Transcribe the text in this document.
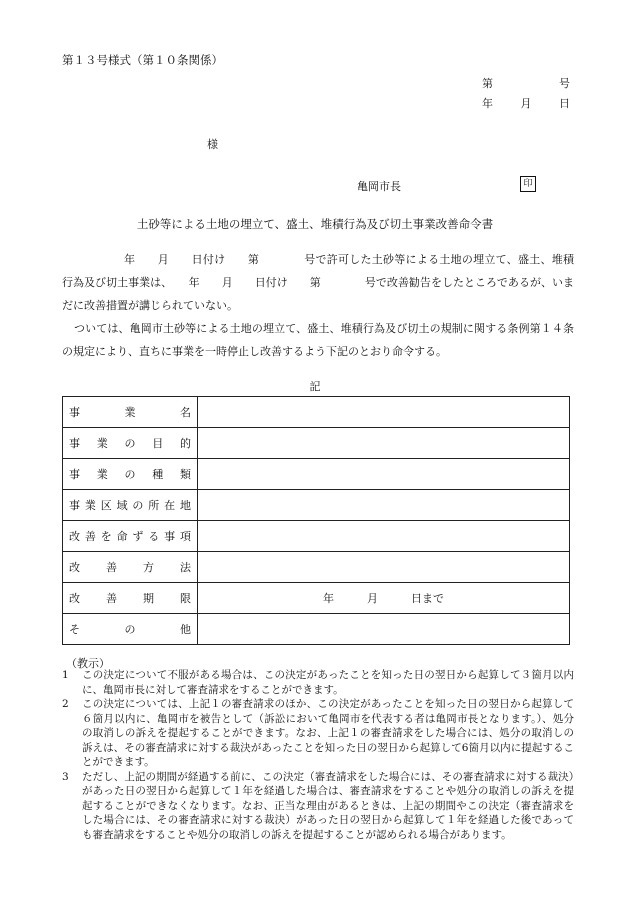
第１３号様式（第１０条関係）
第	号
年	月	日
様
亀岡市長	印
土砂等による土地の埋立て、盛土、堆積行為及び切土事業改善命令書
年　　月　　日付け　　第　　　　号で許可した土砂等による土地の埋立て、盛土、堆積行為及び切土事業は、　　年　　月　　日付け　　第　　　　号で改善勧告をしたところであるが、いまだに改善措置が講じられていない。
ついては、亀岡市土砂等による土地の埋立て、盛土、堆積行為及び切土の規制に関する条例第１４条の規定により、直ちに事業を一時停止し改善するよう下記のとおり命令する。
記
事業名	

事業の目的	

事業の種類	

事業区域の所在地	

改善を命ずる事項	

改善方法	

改善期限	年　　　月　　　日まで

その他	

（教示）
1	この決定について不服がある場合は、この決定があったことを知った日の翌日から起算して３箇月以内に、亀岡市長に対して審査請求をすることができます。
2	この決定については、上記１の審査請求のほか、この決定があったことを知った日の翌日から起算して６箇月以内に、亀岡市を被告として（訴訟において亀岡市を代表する者は亀岡市長となります。）、処分の取消しの訴えを提起することができます。なお、上記１の審査請求をした場合には、処分の取消しの訴えは、その審査請求に対する裁決があったことを知った日の翌日から起算して6箇月以内に提起することができます。
3	ただし、上記の期間が経過する前に、この決定（審査請求をした場合には、その審査請求に対する裁決）があった日の翌日から起算して１年を経過した場合は、審査請求をすることや処分の取消しの訴えを提起することができなくなります。なお、正当な理由があるときは、上記の期間やこの決定（審査請求をした場合には、その審査請求に対する裁決）があった日の翌日から起算して１年を経過した後であっても審査請求をすることや処分の取消しの訴えを提起することが認められる場合があります。
